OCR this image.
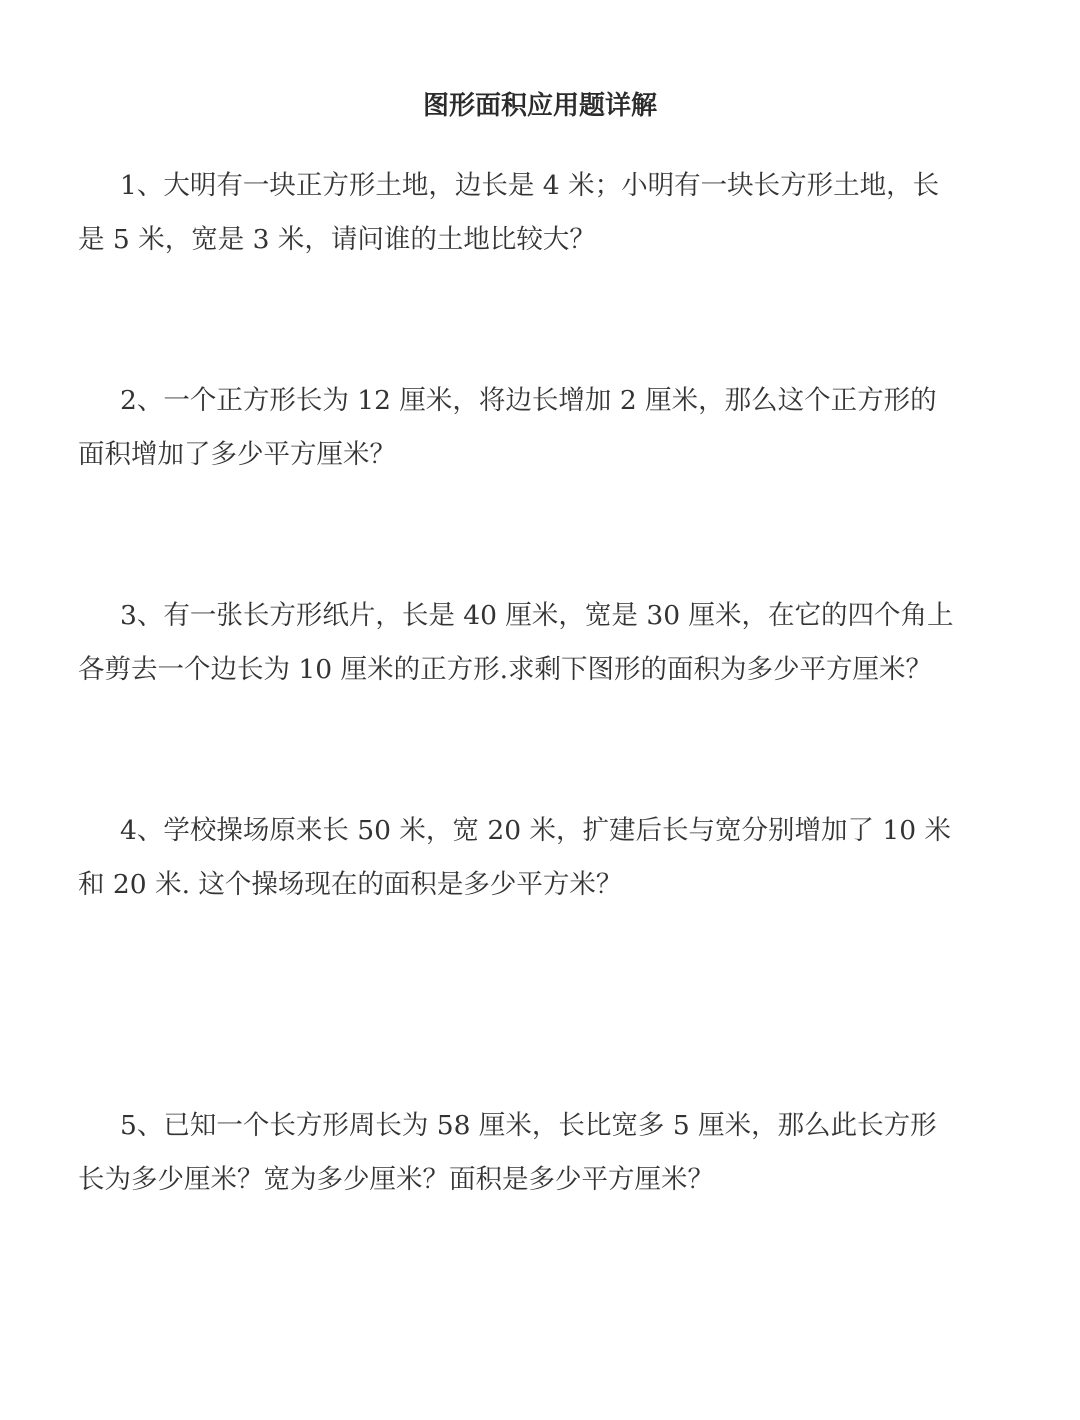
图形面积应用题详解

1、大明有一块正方形土地，边长是 4 米；小明有一块长方形土地，长

是 5 米，宽是 3 米，请问谁的土地比较大？

2、一个正方形长为 12 厘米，将边长增加 2 厘米，那么这个正方形的

面积增加了多少平方厘米？

3、有一张长方形纸片，长是 40 厘米，宽是 30 厘米，在它的四个角上

各剪去一个边长为 10 厘米的正方形.求剩下图形的面积为多少平方厘米？

4、学校操场原来长 50 米，宽 20 米，扩建后长与宽分别增加了 10 米

和 20 米. 这个操场现在的面积是多少平方米？

5、已知一个长方形周长为 58 厘米，长比宽多 5 厘米，那么此长方形

长为多少厘米？宽为多少厘米？面积是多少平方厘米？
